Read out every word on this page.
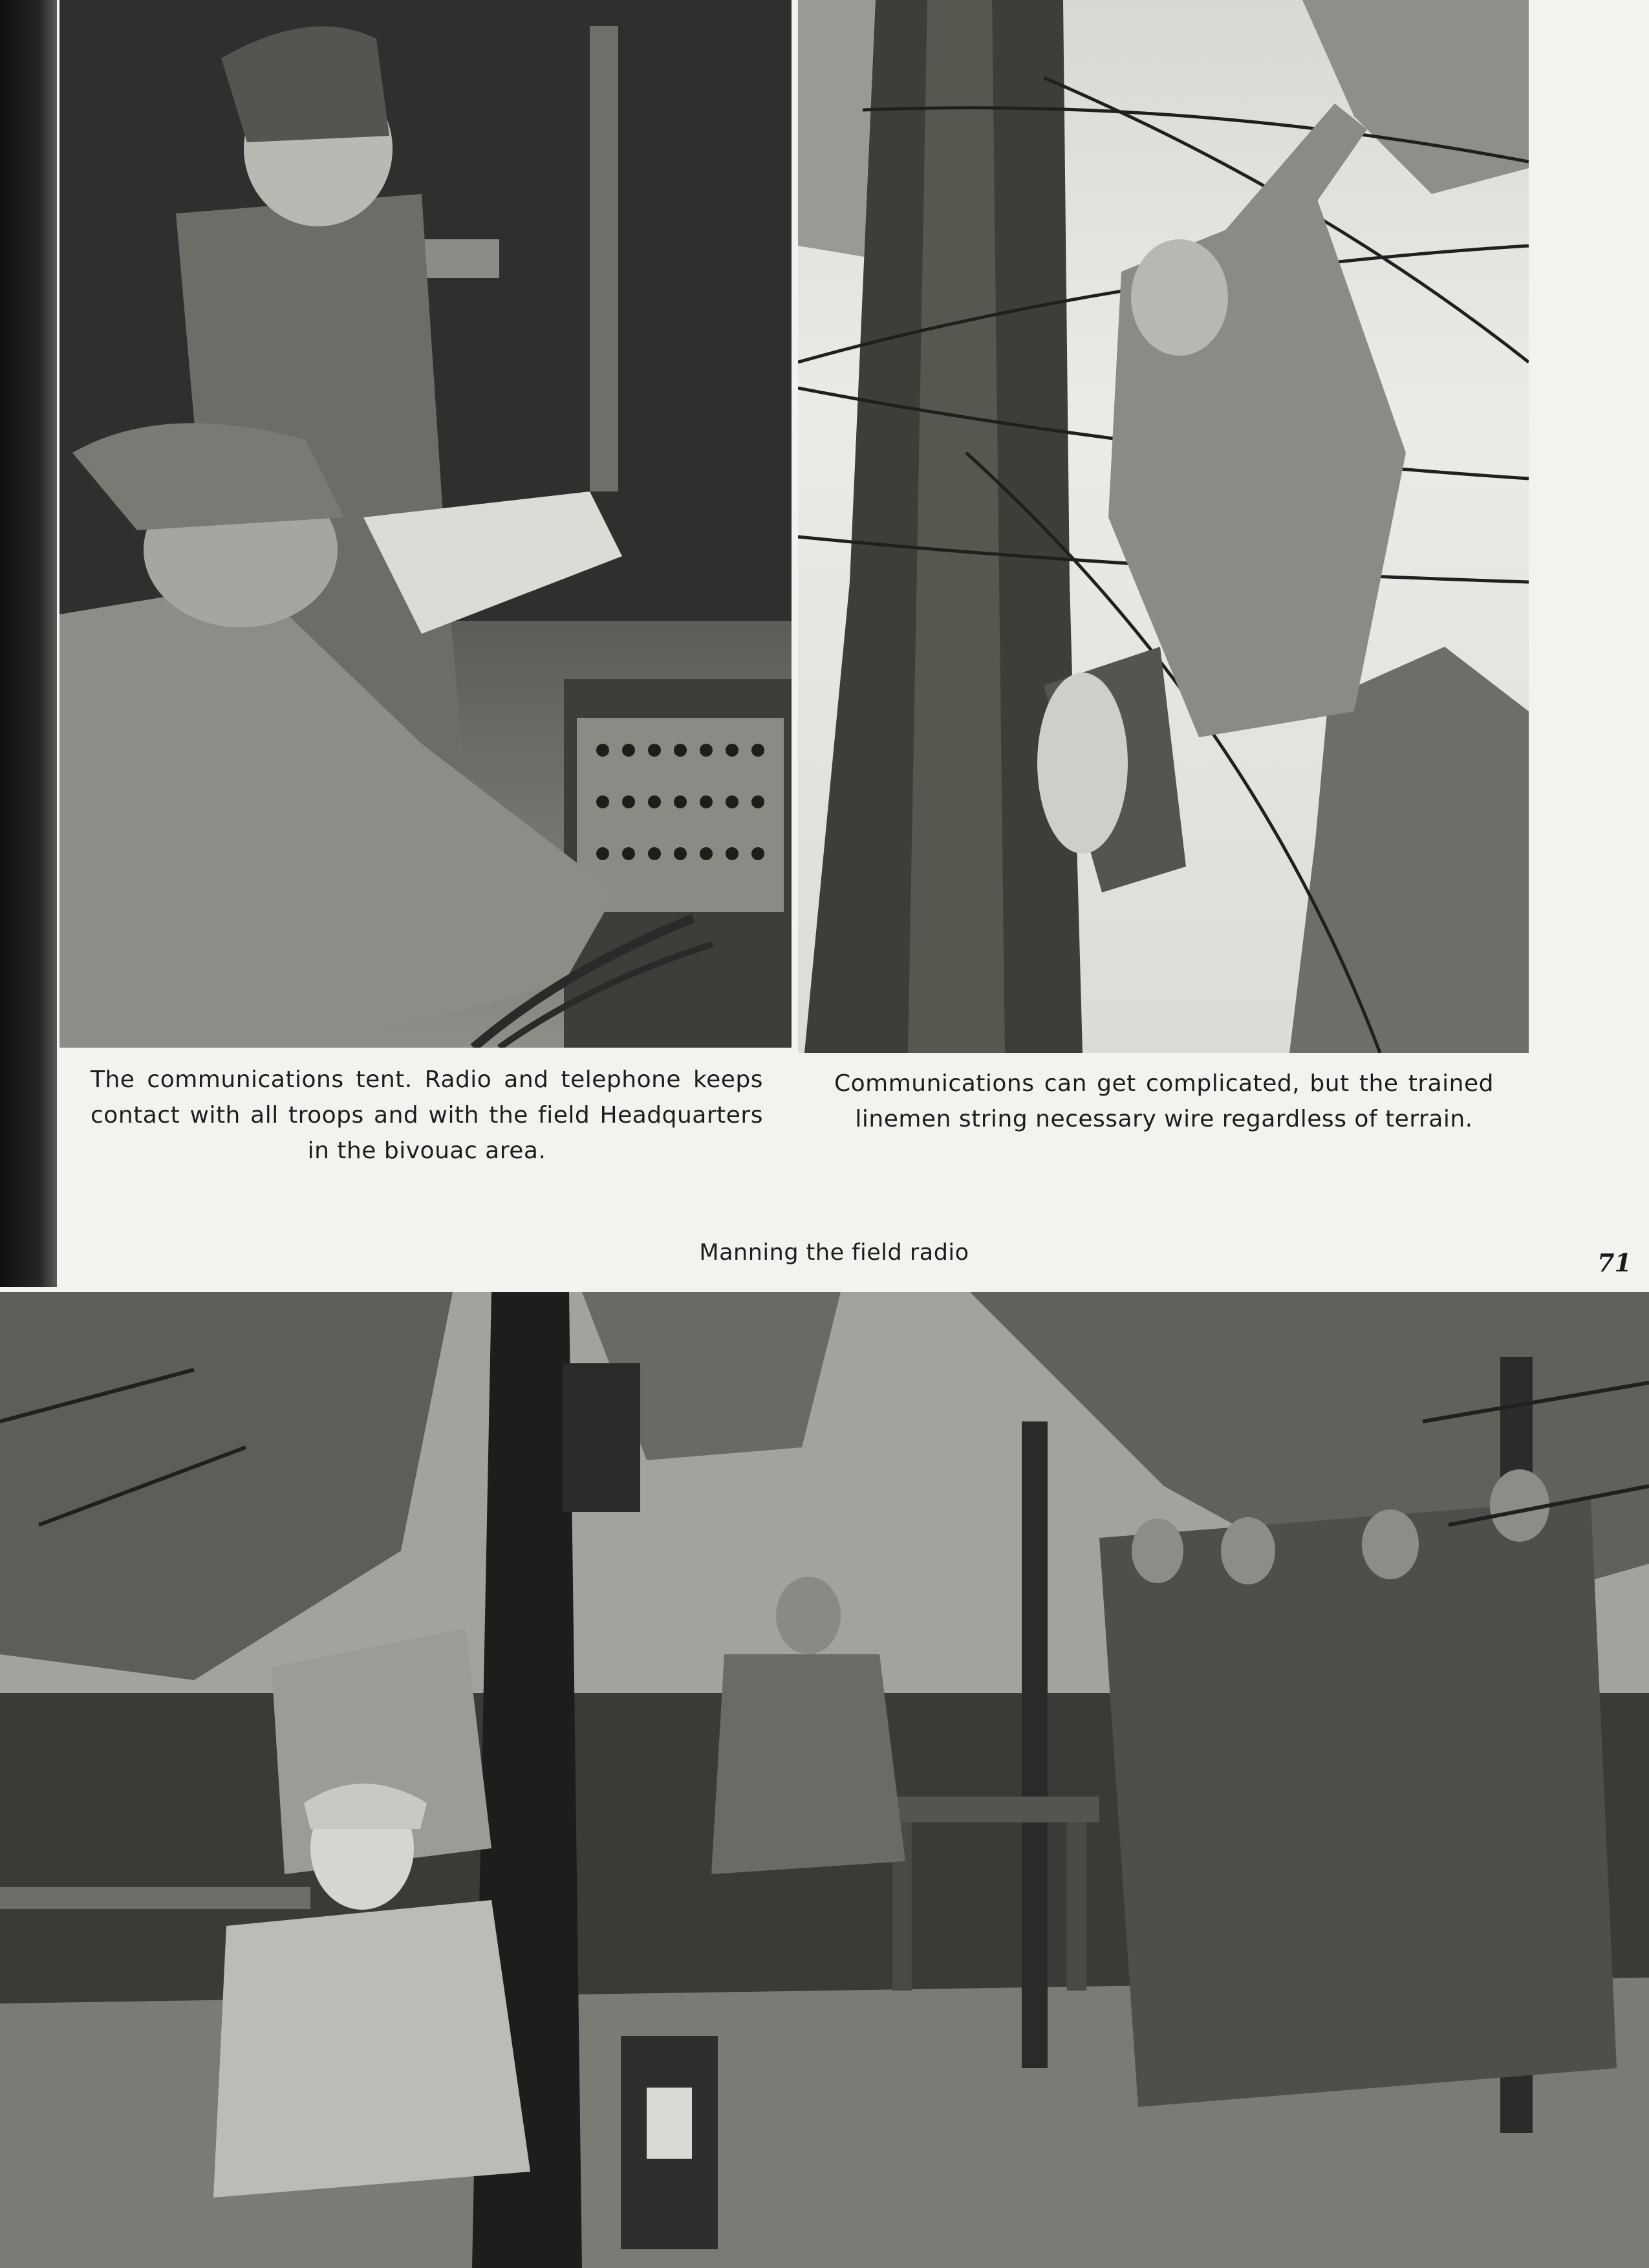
The communications tent. Radio and telephone keeps contact with all troops and with the field Headquarters in the bivouac area.
Communications can get complicated, but the trained linemen string necessary wire regardless of terrain.
Manning the field radio	71
